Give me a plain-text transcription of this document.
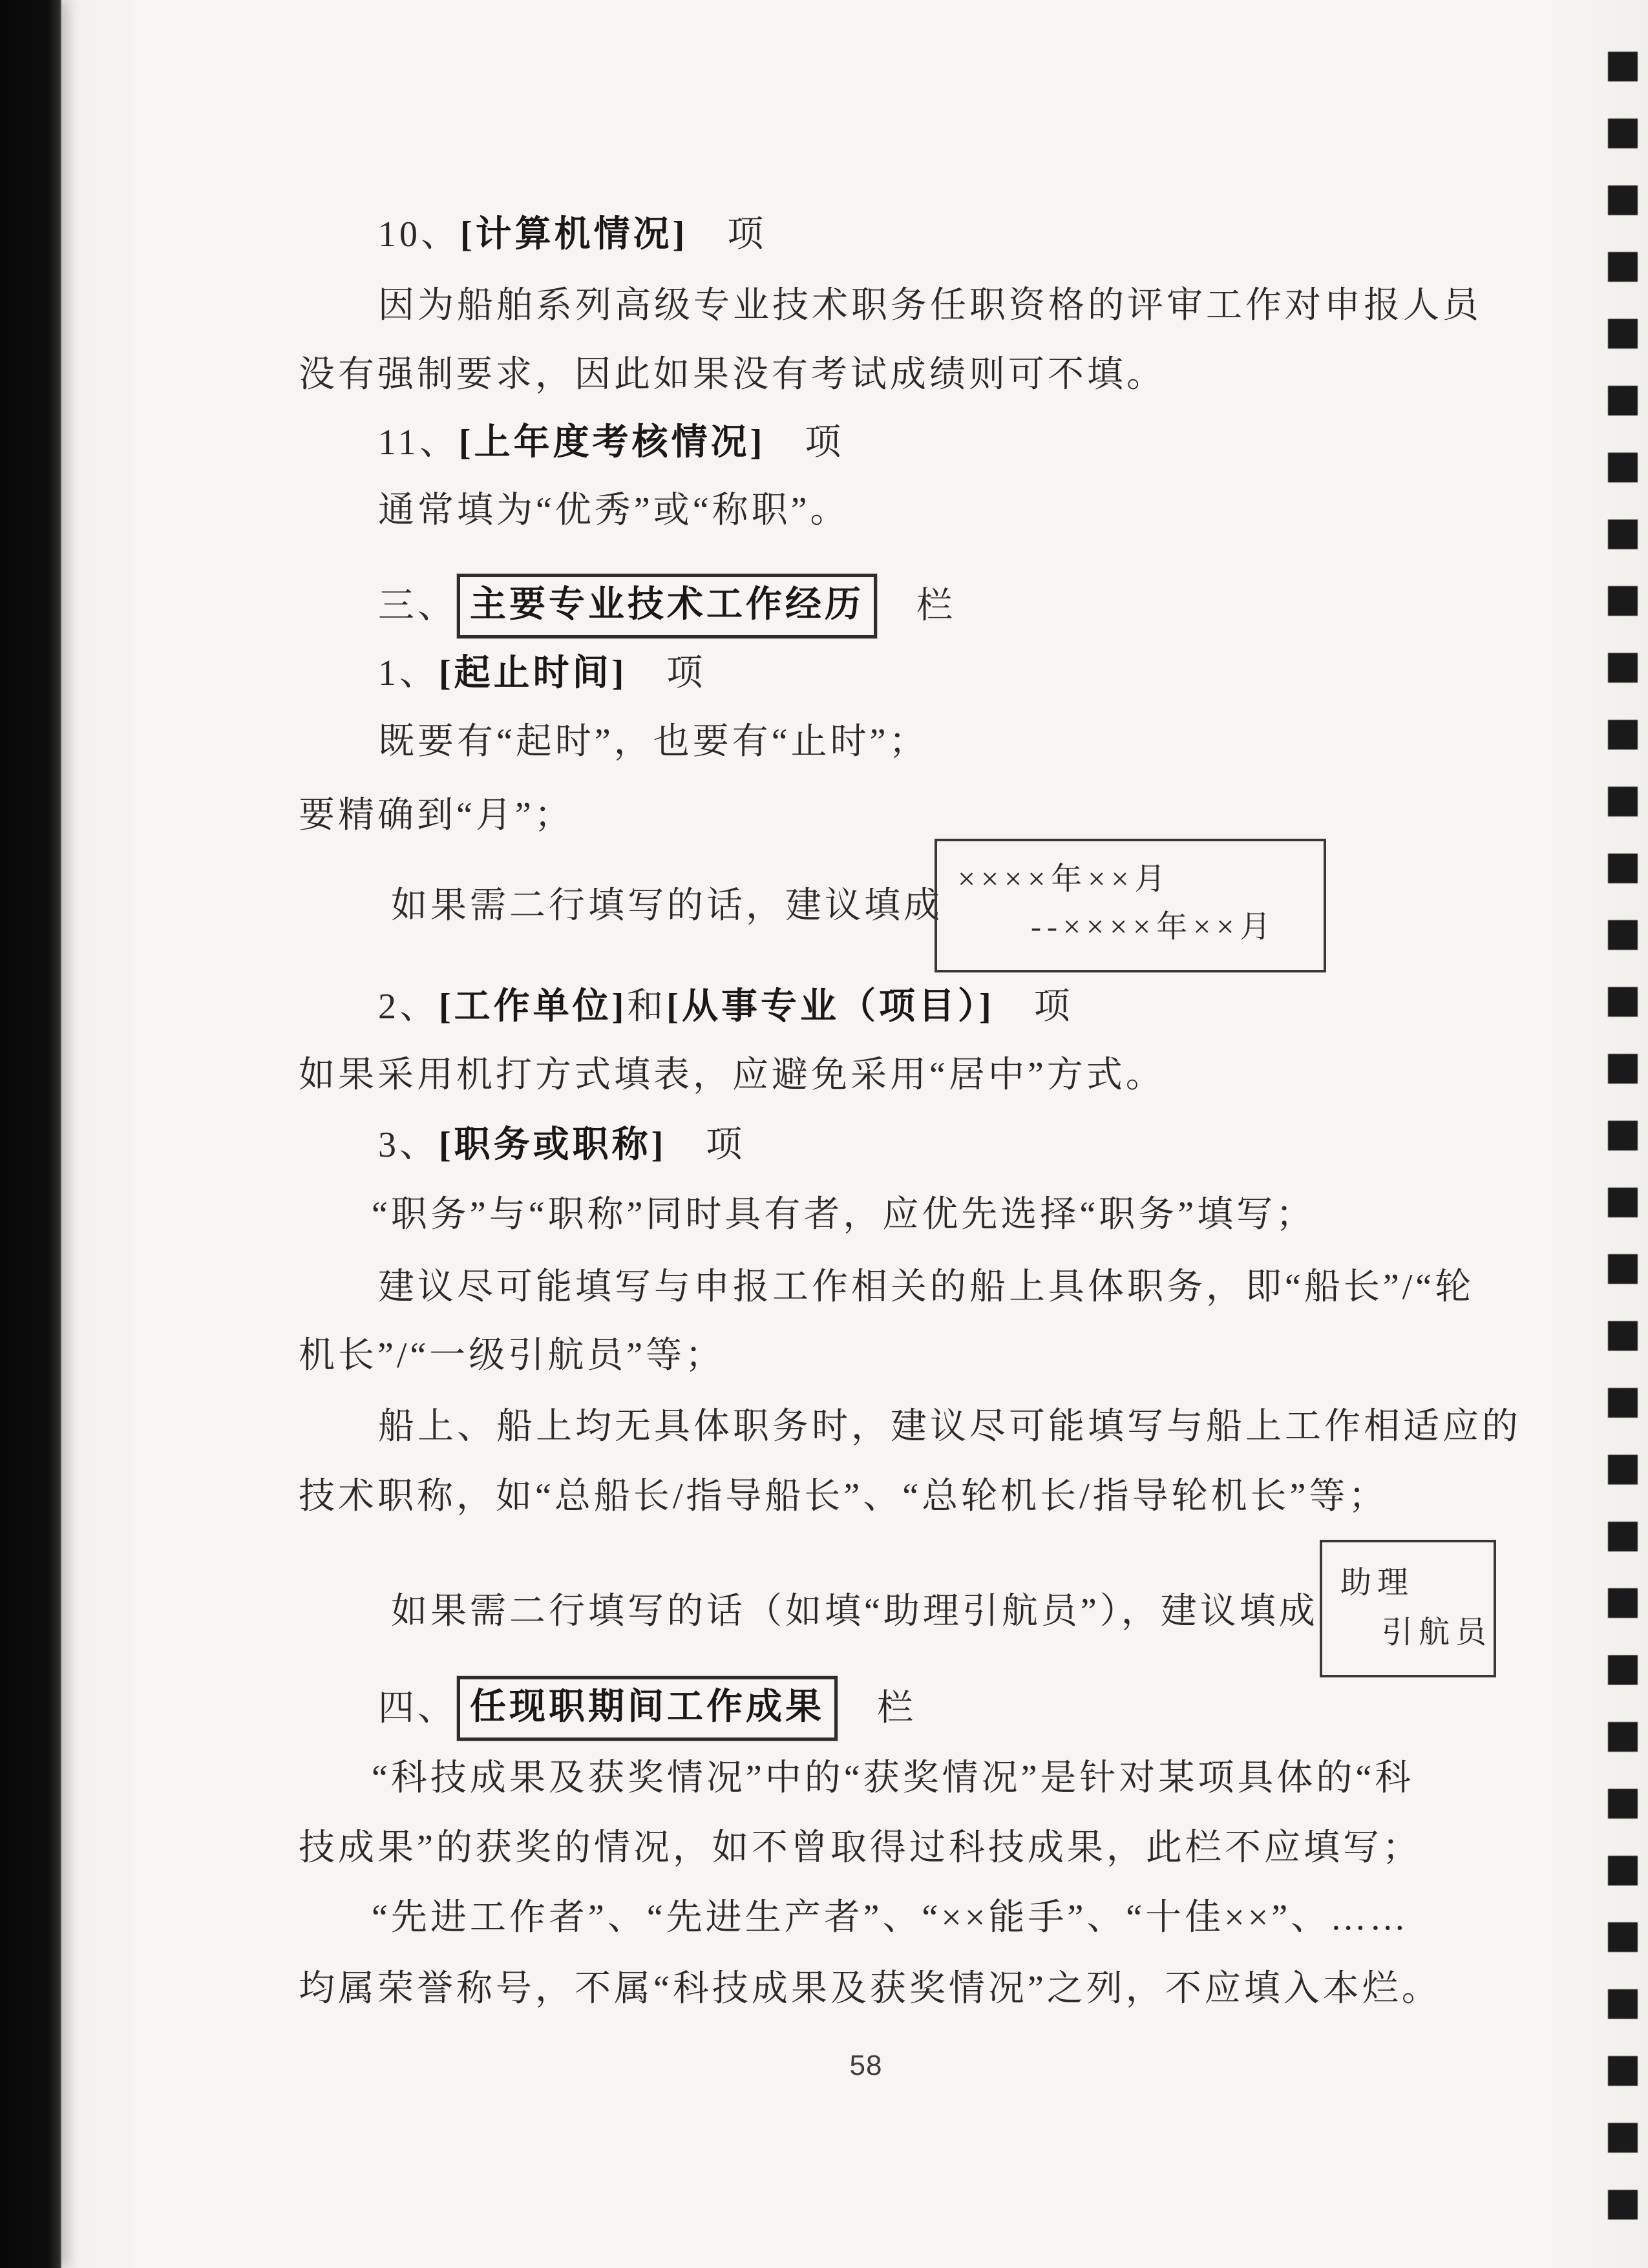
10、[计算机情况]　项
因为船舶系列高级专业技术职务任职资格的评审工作对申报人员
没有强制要求，因此如果没有考试成绩则可不填。
11、[上年度考核情况]　项
通常填为“优秀”或“称职”。
三、 主要专业技术工作经历 　栏
1、[起止时间]　项
既要有“起时”，也要有“止时”；
要精确到“月”；
如果需二行填写的话，建议填成
××××年××月
--××××年××月
2、[工作单位]和[从事专业（项目）]　项
如果采用机打方式填表，应避免采用“居中”方式。
3、[职务或职称]　项
“职务”与“职称”同时具有者，应优先选择“职务”填写；
建议尽可能填写与申报工作相关的船上具体职务，即“船长”/“轮
机长”/“一级引航员”等；
船上、船上均无具体职务时，建议尽可能填写与船上工作相适应的
技术职称，如“总船长/指导船长”、“总轮机长/指导轮机长”等；
如果需二行填写的话（如填“助理引航员”），建议填成
助理
引航员
四、 任现职期间工作成果 　栏
“科技成果及获奖情况”中的“获奖情况”是针对某项具体的“科
技成果”的获奖的情况，如不曾取得过科技成果，此栏不应填写；
“先进工作者”、“先进生产者”、“××能手”、“十佳××”、……
均属荣誉称号，不属“科技成果及获奖情况”之列，不应填入本烂。
58
